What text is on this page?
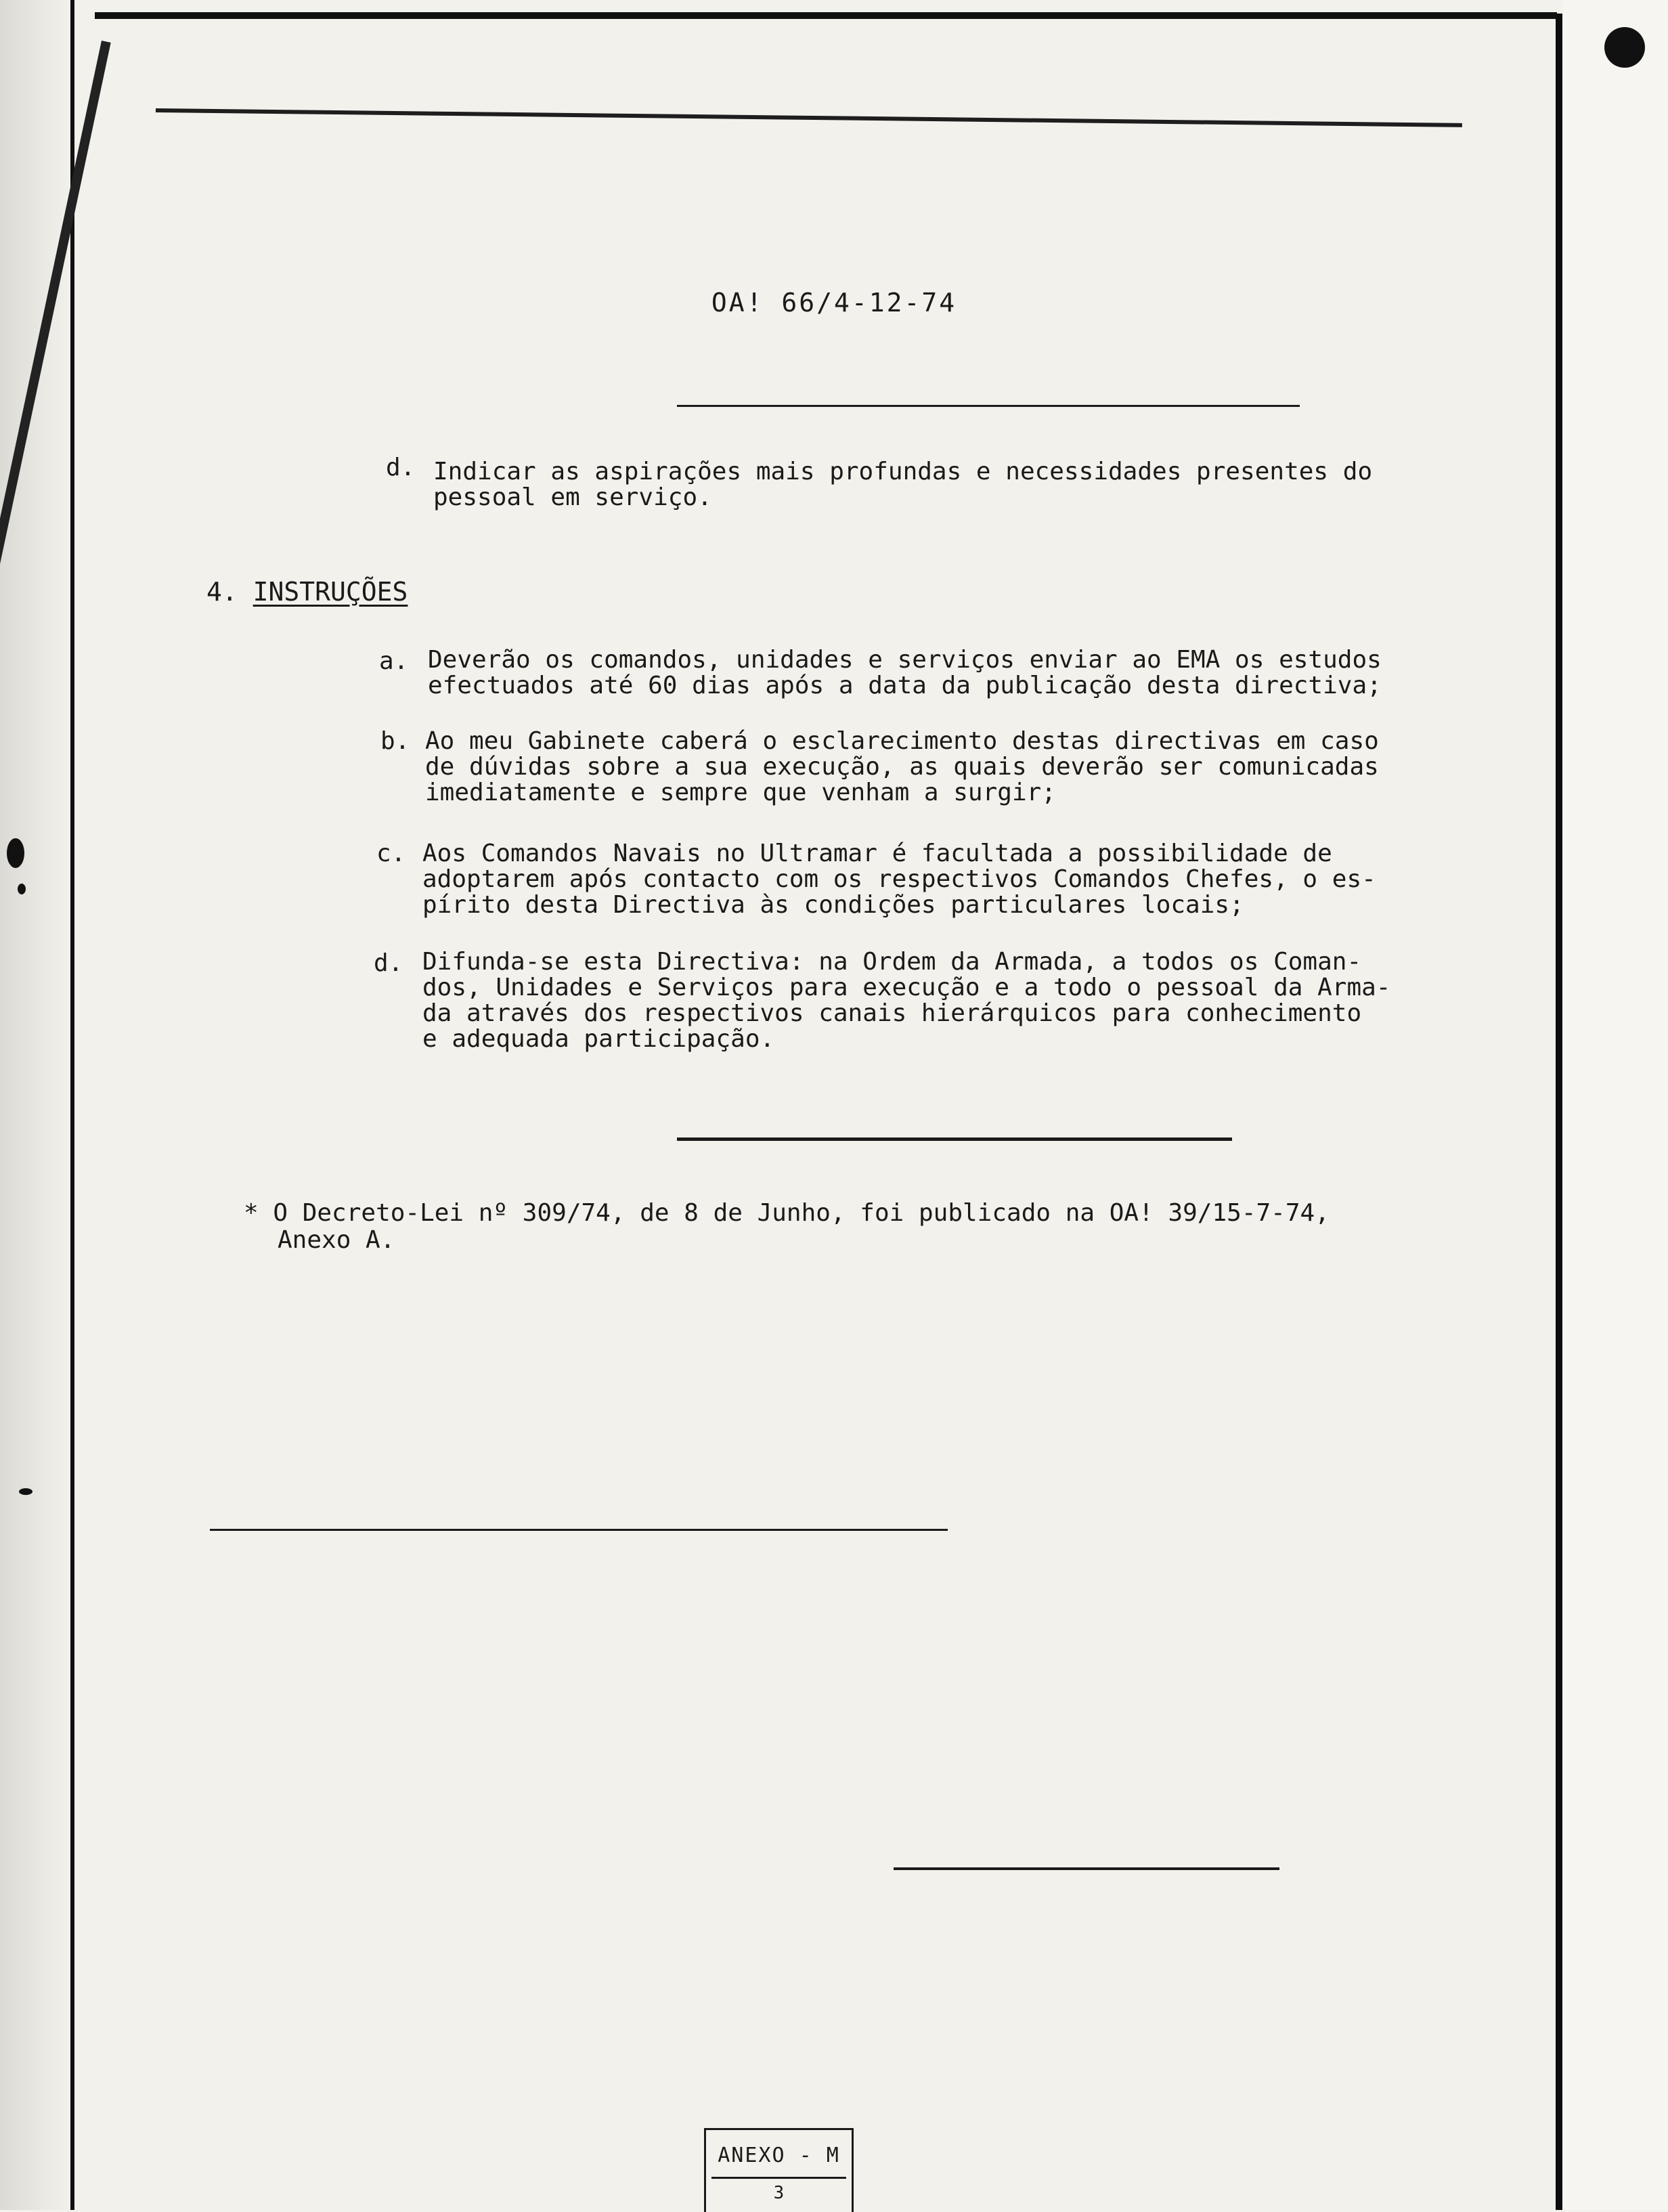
OA! 66/4-12-74
d. Indicar as aspirações mais profundas e necessidades presentes do
pessoal em serviço.
4. INSTRUÇÕES
a. Deverão os comandos, unidades e serviços enviar ao EMA os estudos
efectuados até 60 dias após a data da publicação desta directiva;
b. Ao meu Gabinete caberá o esclarecimento destas directivas em caso
de dúvidas sobre a sua execução, as quais deverão ser comunicadas
imediatamente e sempre que venham a surgir;
c. Aos Comandos Navais no Ultramar é facultada a possibilidade de
adoptarem após contacto com os respectivos Comandos Chefes, o es-
pírito desta Directiva às condições particulares locais;
d. Difunda-se esta Directiva: na Ordem da Armada, a todos os Coman-
dos, Unidades e Serviços para execução e a todo o pessoal da Arma-
da através dos respectivos canais hierárquicos para conhecimento
e adequada participação.
* O Decreto-Lei nº 309/74, de 8 de Junho, foi publicado na OA! 39/15-7-74,
Anexo A.
ANEXO - M
3
